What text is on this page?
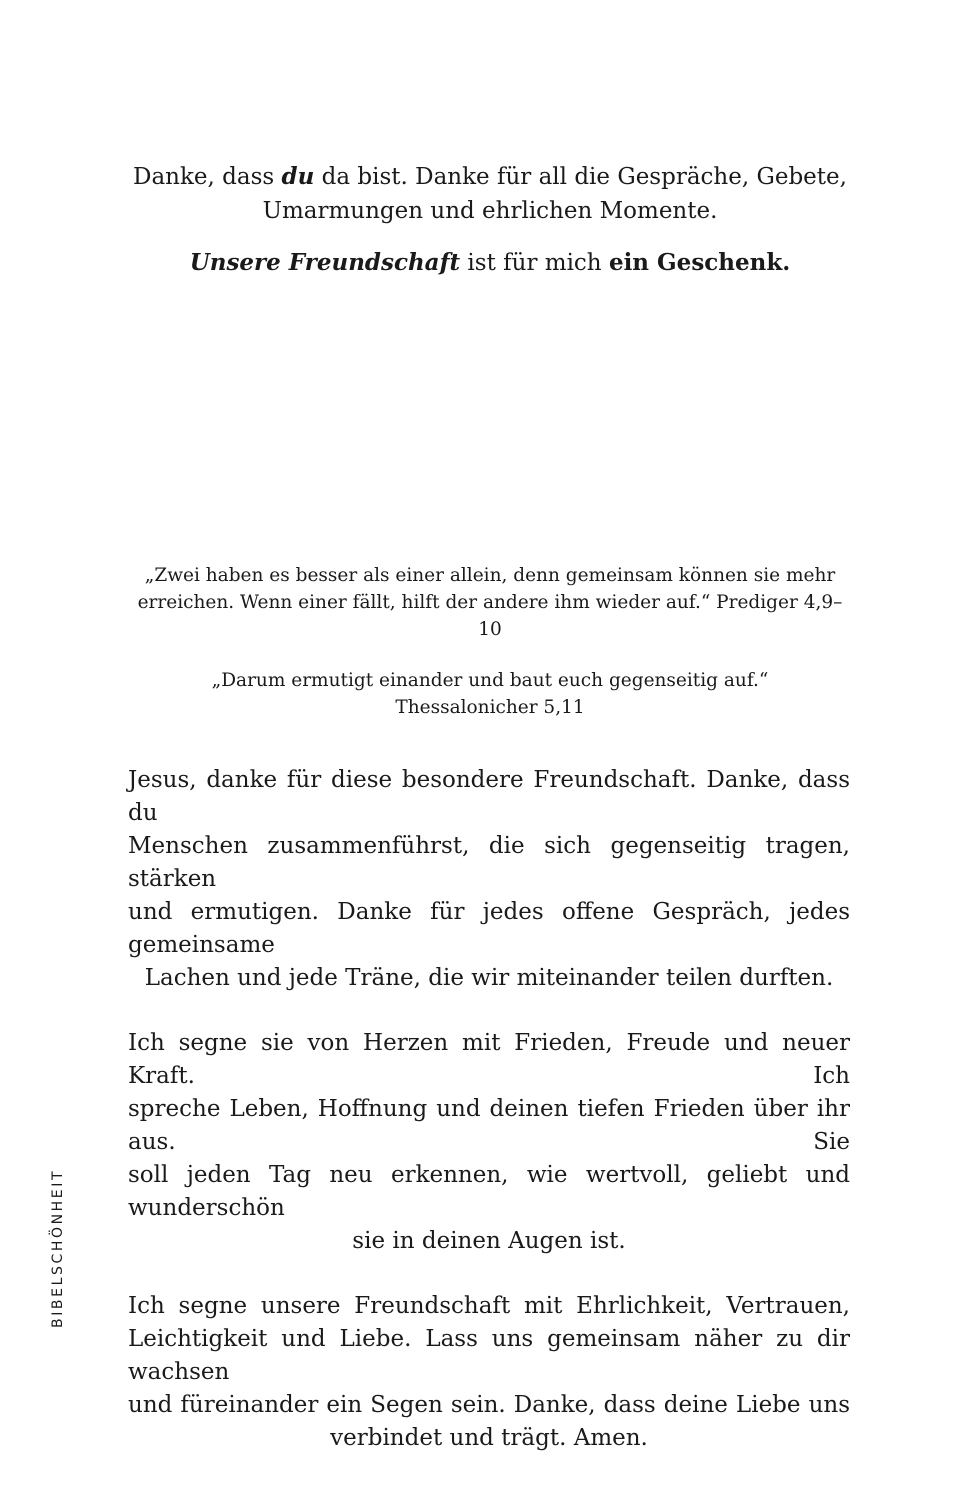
Danke, dass du da bist. Danke für all die Gespräche, Gebete,
Umarmungen und ehrlichen Momente.
Unsere Freundschaft ist für mich ein Geschenk.
„Zwei haben es besser als einer allein, denn gemeinsam können sie mehr
erreichen. Wenn einer fällt, hilft der andere ihm wieder auf.“ Prediger 4,9–10
„Darum ermutigt einander und baut euch gegenseitig auf.“
Thessalonicher 5,11
Jesus, danke für diese besondere Freundschaft. Danke, dass du
Menschen zusammenführst, die sich gegenseitig tragen, stärken
und ermutigen. Danke für jedes offene Gespräch, jedes gemeinsame
Lachen und jede Träne, die wir miteinander teilen durften.
Ich segne sie von Herzen mit Frieden, Freude und neuer Kraft. Ich
spreche Leben, Hoffnung und deinen tiefen Frieden über ihr aus. Sie
soll jeden Tag neu erkennen, wie wertvoll, geliebt und wunderschön
sie in deinen Augen ist.
Ich segne unsere Freundschaft mit Ehrlichkeit, Vertrauen,
Leichtigkeit und Liebe. Lass uns gemeinsam näher zu dir wachsen
und füreinander ein Segen sein. Danke, dass deine Liebe uns
verbindet und trägt. Amen.
BIBELSCHÖNHEIT
